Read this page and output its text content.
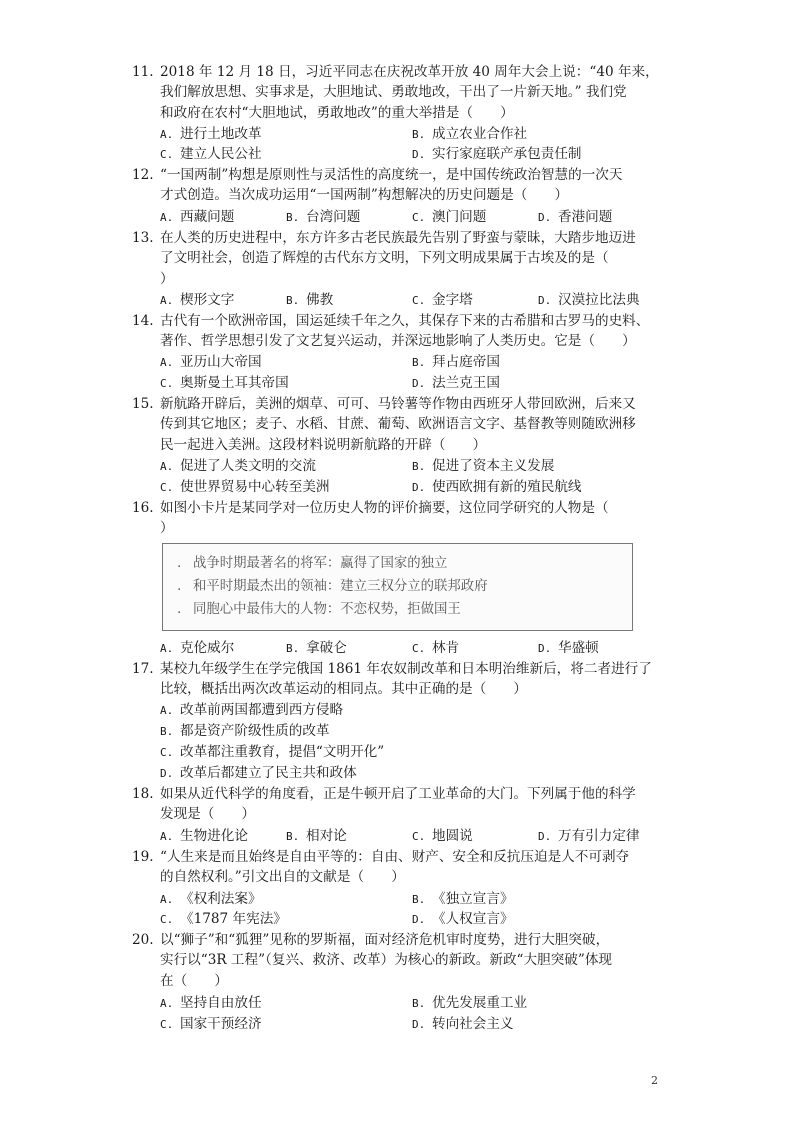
11. 2018 年 12 月 18 日，习近平同志在庆祝改革开放 40 周年大会上说：“40 年来，
我们解放思想、实事求是，大胆地试、勇敢地改，干出了一片新天地。” 我们党
和政府在农村“大胆地试，勇敢地改”的重大举措是（　　）
A. 进行土地改革	B. 成立农业合作社
C. 建立人民公社	D. 实行家庭联产承包责任制
12. “一国两制”构想是原则性与灵活性的高度统一，是中国传统政治智慧的一次天
才式创造。当次成功运用“一国两制”构想解决的历史问题是（　　）
A. 西藏问题	B. 台湾问题	C. 澳门问题	D. 香港问题
13. 在人类的历史进程中，东方许多古老民族最先告别了野蛮与蒙昧，大踏步地迈进
了文明社会，创造了辉煌的古代东方文明，下列文明成果属于古埃及的是（
）
A. 楔形文字	B. 佛教	C. 金字塔	D. 汉漠拉比法典
14. 古代有一个欧洲帝国，国运延续千年之久，其保存下来的古希腊和古罗马的史料、
著作、哲学思想引发了文艺复兴运动，并深远地影响了人类历史。它是（　　）
A. 亚历山大帝国	B. 拜占庭帝国
C. 奥斯曼土耳其帝国	D. 法兰克王国
15. 新航路开辟后，美洲的烟草、可可、马铃薯等作物由西班牙人带回欧洲，后来又
传到其它地区；麦子、水稻、甘蔗、葡萄、欧洲语言文字、基督教等则随欧洲移
民一起进入美洲。这段材料说明新航路的开辟（　　）
A. 促进了人类文明的交流	B. 促进了资本主义发展
C. 使世界贸易中心转至美洲	D. 使西欧拥有新的殖民航线
16. 如图小卡片是某同学对一位历史人物的评价摘要，这位同学研究的人物是（
）
. 战争时期最著名的将军：赢得了国家的独立
. 和平时期最杰出的领袖：建立三权分立的联邦政府
. 同胞心中最伟大的人物：不恋权势，拒做国王
A. 克伦威尔	B. 拿破仑	C. 林肯	D. 华盛顿
17. 某校九年级学生在学完俄国 1861 年农奴制改革和日本明治维新后，将二者进行了
比较，概括出两次改革运动的相同点。其中正确的是（　　）
A. 改革前两国都遭到西方侵略
B. 都是资产阶级性质的改革
C. 改革都注重教育，提倡“文明开化”
D. 改革后都建立了民主共和政体
18. 如果从近代科学的角度看，正是牛顿开启了工业革命的大门。下列属于他的科学
发现是（　　）
A. 生物进化论	B. 相对论	C. 地圆说	D. 万有引力定律
19. “人生来是而且始终是自由平等的：自由、财产、安全和反抗压迫是人不可剥夺
的自然权利。”引文出自的文献是（　　）
A. 《权利法案》	B. 《独立宣言》
C. 《1787 年宪法》	D. 《人权宣言》
20. 以“狮子”和“狐狸”见称的罗斯福，面对经济危机审时度势，进行大胆突破，
实行以“3R 工程”（复兴、救济、改革）为核心的新政。新政“大胆突破”体现
在（　　）
A. 坚持自由放任	B. 优先发展重工业
C. 国家干预经济	D. 转向社会主义
2
